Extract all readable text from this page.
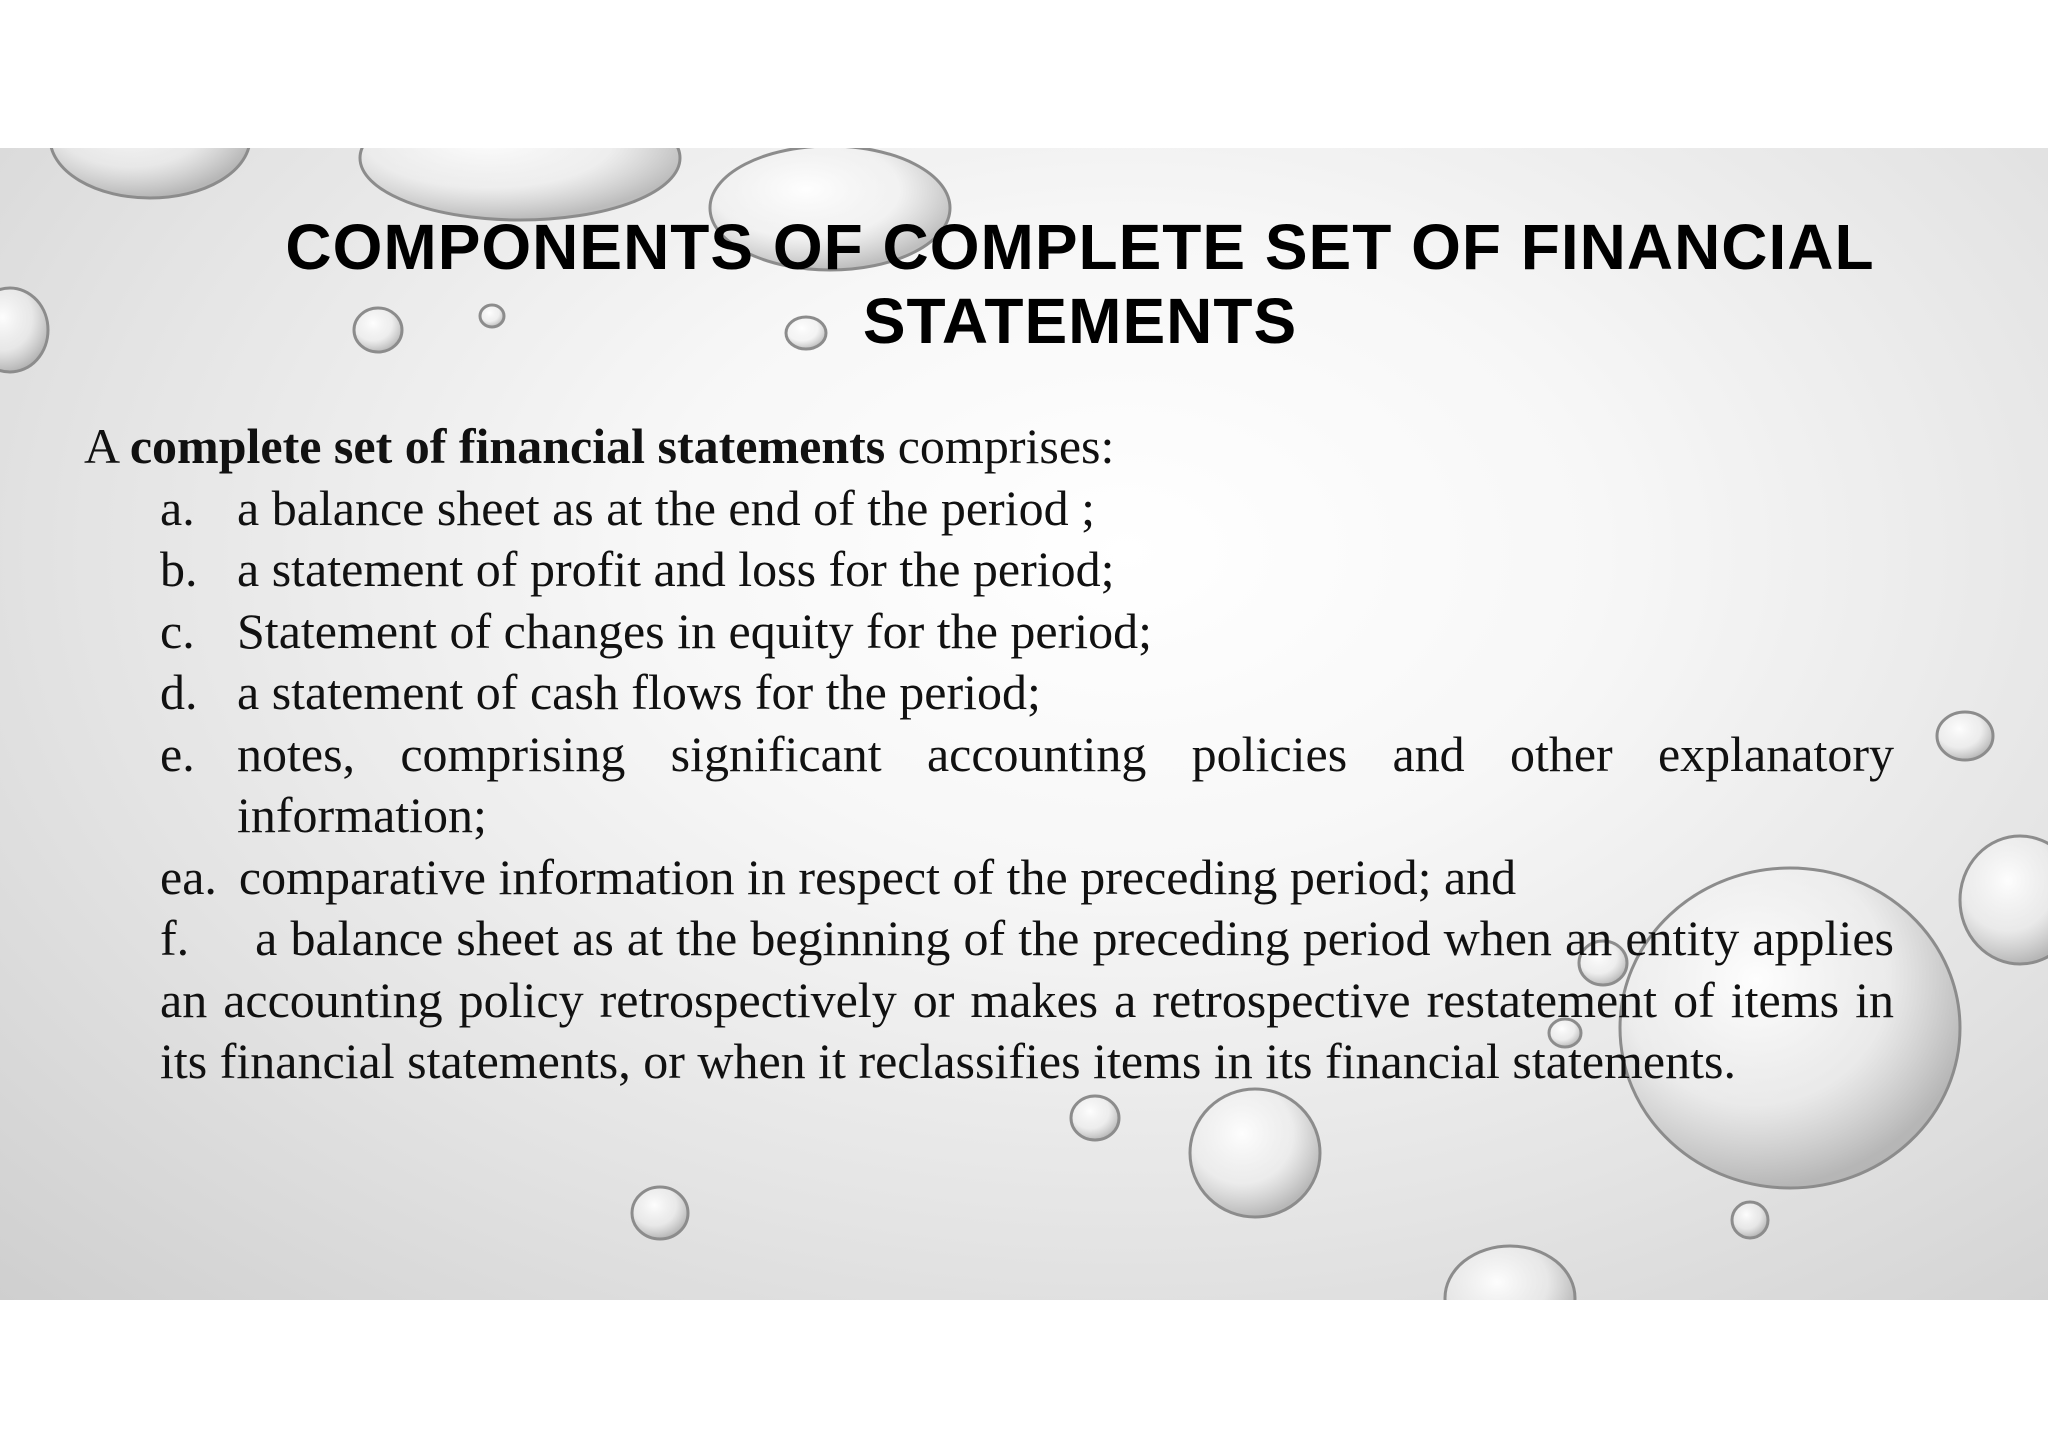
COMPONENTS OF COMPLETE SET OF FINANCIAL
STATEMENTS

A complete set of financial statements comprises:

a. a balance sheet as at the end of the period ;
b. a statement of profit and loss for the period;
c. Statement of changes in equity for the period;
d. a statement of cash flows for the period;
e. notes, comprising significant accounting policies and other explanatory information;
ea. comparative information in respect of the preceding period; and
f. a balance sheet as at the beginning of the preceding period when an entity applies an accounting policy retrospectively or makes a retrospective restatement of items in its financial statements, or when it reclassifies items in its financial statements.
